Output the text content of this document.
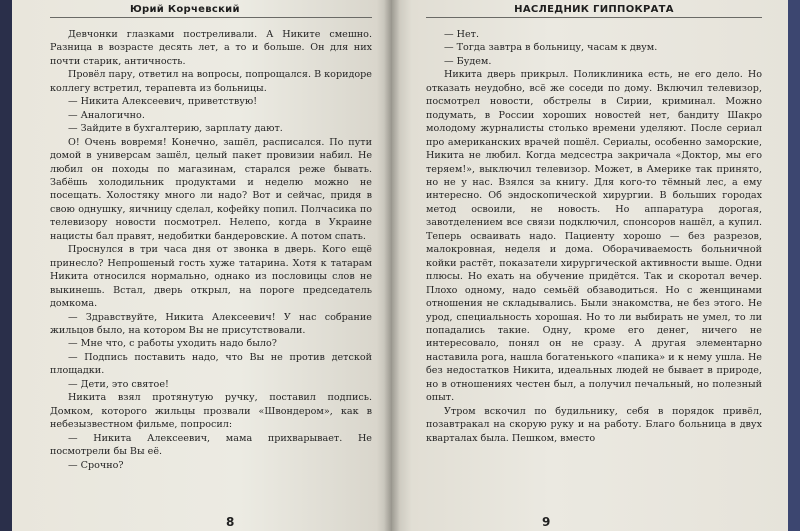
Юрий Корчевский

Девчонки глазками постреливали. А Никите смешно. Разница в возрасте десять лет, а то и больше. Он для них почти старик, античность.

Провёл пару, ответил на вопросы, попрощался. В коридоре коллегу встретил, терапевта из больницы.

— Никита Алексеевич, приветствую!

— Аналогично.

— Зайдите в бухгалтерию, зарплату дают.

О! Очень вовремя! Конечно, зашёл, расписался. По пути домой в универсам зашёл, целый пакет провизии набил. Не любил он походы по магазинам, старался реже бывать. Забёшь холодильник продуктами и неделю можно не посещать. Холостяку много ли надо? Вот и сейчас, придя в свою однушку, яичницу сделал, кофейку попил. Полчасика по телевизору новости посмотрел. Нелепо, когда в Украине нацисты бал правят, недобитки бандеровские. А потом спать.

Проснулся в три часа дня от звонка в дверь. Кого ещё принесло? Непрошеный гость хуже татарина. Хотя к татарам Никита относился нормально, однако из пословицы слов не выкинешь. Встал, дверь открыл, на пороге председатель домкома.

— Здравствуйте, Никита Алексеевич! У нас собрание жильцов было, на котором Вы не присутствовали.

— Мне что, с работы уходить надо было?

— Подпись поставить надо, что Вы не против детской площадки.

— Дети, это святое!

Никита взял протянутую ручку, поставил подпись. Домком, которого жильцы прозвали «Швондером», как в небезызвестном фильме, попросил:

— Никита Алексеевич, мама прихварывает. Не посмотрели бы Вы её.

— Срочно?

8
НАСЛЕДНИК ГИППОКРАТА

— Нет.

— Тогда завтра в больницу, часам к двум.

— Будем.

Никита дверь прикрыл. Поликлиника есть, не его дело. Но отказать неудобно, всё же соседи по дому. Включил телевизор, посмотрел новости, обстрелы в Сирии, криминал. Можно подумать, в России хороших новостей нет, бандиту Шакро молодому журналисты столько времени уделяют. После сериал про американских врачей пошёл. Сериалы, особенно заморские, Никита не любил. Когда медсестра закричала «Доктор, мы его теряем!», выключил телевизор. Может, в Америке так принято, но не у нас. Взялся за книгу. Для кого-то тёмный лес, а ему интересно. Об эндоскопической хирургии. В больших городах метод освоили, не новость. Но аппаратура дорогая, завотделением все связи подключил, спонсоров нашёл, а купил. Теперь осваивать надо. Пациенту хорошо — без разрезов, малокровная, неделя и дома. Оборачиваемость больничной койки растёт, показатели хирургической активности выше. Одни плюсы. Но ехать на обучение придётся. Так и скоротал вечер. Плохо одному, надо семьёй обзаводиться. Но с женщинами отношения не складывались. Были знакомства, не без этого. Не урод, специальность хорошая. Но то ли выбирать не умел, то ли попадались такие. Одну, кроме его денег, ничего не интересовало, понял он не сразу. А другая элементарно наставила рога, нашла богатенького «папика» и к нему ушла. Не без недостатков Никита, идеальных людей не бывает в природе, но в отношениях честен был, а получил печальный, но полезный опыт.

Утром вскочил по будильнику, себя в порядок привёл, позавтракал на скорую руку и на работу. Благо больница в двух кварталах была. Пешком, вместо

9
